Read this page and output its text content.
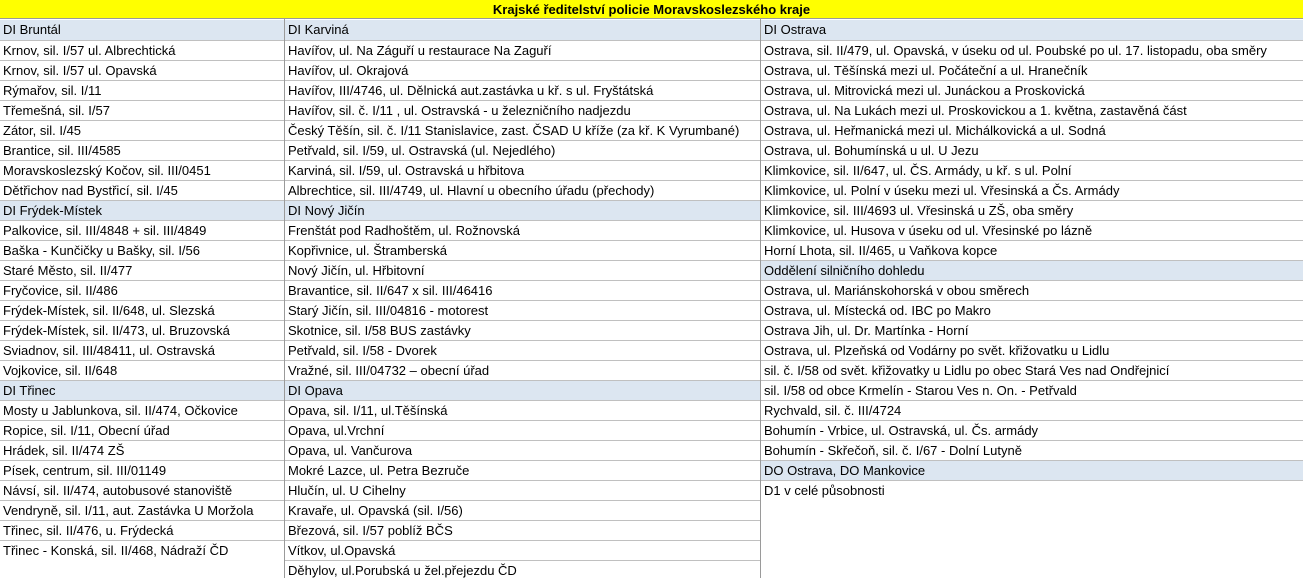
Krajské ředitelství policie Moravskoslezského kraje
DI Bruntál
Krnov, sil. I/57 ul. Albrechtická
Krnov, sil. I/57 ul. Opavská
Rýmařov, sil. I/11
Třemešná, sil. I/57
Zátor, sil. I/45
Brantice, sil. III/4585
Moravskoslezský Kočov, sil. III/0451
Dětřichov nad Bystřicí, sil. I/45
DI Frýdek-Místek
Palkovice, sil. III/4848 + sil. III/4849
Baška - Kunčičky u Bašky, sil. I/56
Staré Město, sil. II/477
Fryčovice, sil. II/486
Frýdek-Místek, sil. II/648, ul. Slezská
Frýdek-Místek, sil. II/473, ul. Bruzovská
Sviadnov, sil. III/48411, ul. Ostravská
Vojkovice, sil. II/648
DI Třinec
Mosty u Jablunkova, sil. II/474, Očkovice
Ropice, sil. I/11, Obecní úřad
Hrádek, sil. II/474 ZŠ
Písek, centrum, sil. III/01149
Návsí, sil. II/474, autobusové stanoviště
Vendryně, sil. I/11, aut. Zastávka U Moržola
Třinec, sil. II/476, u. Frýdecká
Třinec - Konská, sil. II/468, Nádraží ČD
DI Karviná
Havířov, ul. Na Záguří u restaurace Na Zaguří
Havířov, ul. Okrajová
Havířov, III/4746, ul. Dělnická aut.zastávka u kř. s ul. Fryštátská
Havířov, sil. č. I/11 , ul. Ostravská - u železničního nadjezdu
Český Těšín, sil. č. I/11 Stanislavice, zast. ČSAD U kříže (za kř. K Vyrumbané)
Petřvald, sil. I/59, ul. Ostravská (ul. Nejedlého)
Karviná, sil. I/59, ul. Ostravská u hřbitova
Albrechtice, sil. III/4749, ul. Hlavní u obecního úřadu (přechody)
DI Nový Jičín
Frenštát pod Radhoštěm, ul. Rožnovská
Kopřivnice, ul. Štramberská
Nový Jičín, ul. Hřbitovní
Bravantice, sil. II/647 x sil. III/46416
Starý Jičín, sil. III/04816 - motorest
Skotnice, sil. I/58 BUS zastávky
Petřvald, sil. I/58 - Dvorek
Vražné, sil. III/04732 – obecní úřad
DI Opava
Opava, sil. I/11, ul.Těšínská
Opava, ul.Vrchní
Opava, ul. Vančurova
Mokré Lazce, ul. Petra Bezruče
Hlučín, ul. U Cihelny
Kravaře, ul. Opavská (sil. I/56)
Březová, sil. I/57 poblíž BČS
Vítkov, ul.Opavská
Děhylov, ul.Porubská u žel.přejezdu ČD
DI Ostrava
Ostrava, sil. II/479, ul. Opavská, v úseku od ul. Poubské po ul. 17. listopadu, oba směry
Ostrava, ul. Těšínská mezi ul. Počáteční a ul. Hranečník
Ostrava, ul. Mitrovická mezi ul. Junáckou a Proskovická
Ostrava, ul. Na Lukách mezi ul. Proskovickou a 1. května, zastavěná část
Ostrava, ul. Heřmanická mezi ul. Michálkovická a ul. Sodná
Ostrava, ul. Bohumínská u ul. U Jezu
Klimkovice, sil. II/647, ul. ČS. Armády, u kř. s ul. Polní
Klimkovice, ul. Polní v úseku mezi ul. Vřesinská a Čs. Armády
Klimkovice, sil. III/4693 ul. Vřesinská u ZŠ, oba směry
Klimkovice, ul. Husova v úseku od ul. Vřesinské po lázně
Horní Lhota, sil. II/465, u Vaňkova kopce
Oddělení silničního dohledu
Ostrava, ul. Mariánskohorská v obou směrech
Ostrava, ul. Místecká od. IBC po Makro
Ostrava Jih, ul. Dr. Martínka - Horní
Ostrava, ul. Plzeňská od Vodárny po svět. křižovatku u Lidlu
sil. č. I/58 od svět. křižovatky u Lidlu po obec Stará Ves nad Ondřejnicí
sil. I/58 od obce Krmelín - Starou Ves n. On. - Petřvald
Rychvald, sil. č. III/4724
Bohumín - Vrbice, ul. Ostravská, ul. Čs. armády
Bohumín - Skřečoň, sil. č. I/67 - Dolní Lutyně
DO Ostrava, DO Mankovice
D1 v celé působnosti
